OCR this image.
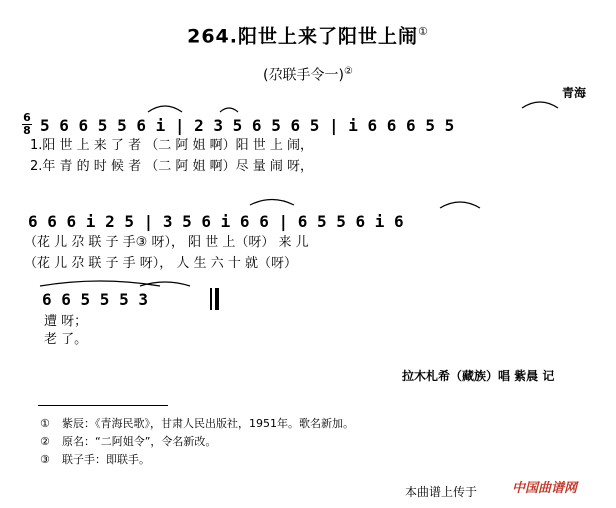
264.阳世上来了阳世上闹①
(尕联手令一)②
青海
6
8 5 6 6 5 5 6 i | 2 3 5 6 5 6 5 | i 6 6 6 5 5
1.阳 世 上 来 了 者 （二 阿 姐 啊）阳 世 上 闹，
2.年 青 的 时 候 者 （二 阿 姐 啊）尽 量 闹 呀，
6 6 6 i 2 5 | 3 5 6 i 6 6 | 6 5 5 6 i 6
（花 儿 尕 联 子 手③ 呀）， 阳 世 上（呀） 来 儿
（花 儿 尕 联 子 手 呀）， 人 生 六 十 就（呀）
6 6 5 5 5 3
遭 呀；
老 了。
拉木札希（藏族）唱 紫晨 记
① 紫辰：《青海民歌》，甘肃人民出版社，1951年。歌名新加。
② 原名：“二阿姐令”，令名新改。
③ 联子手：即联手。
本曲谱上传于	中国曲谱网
